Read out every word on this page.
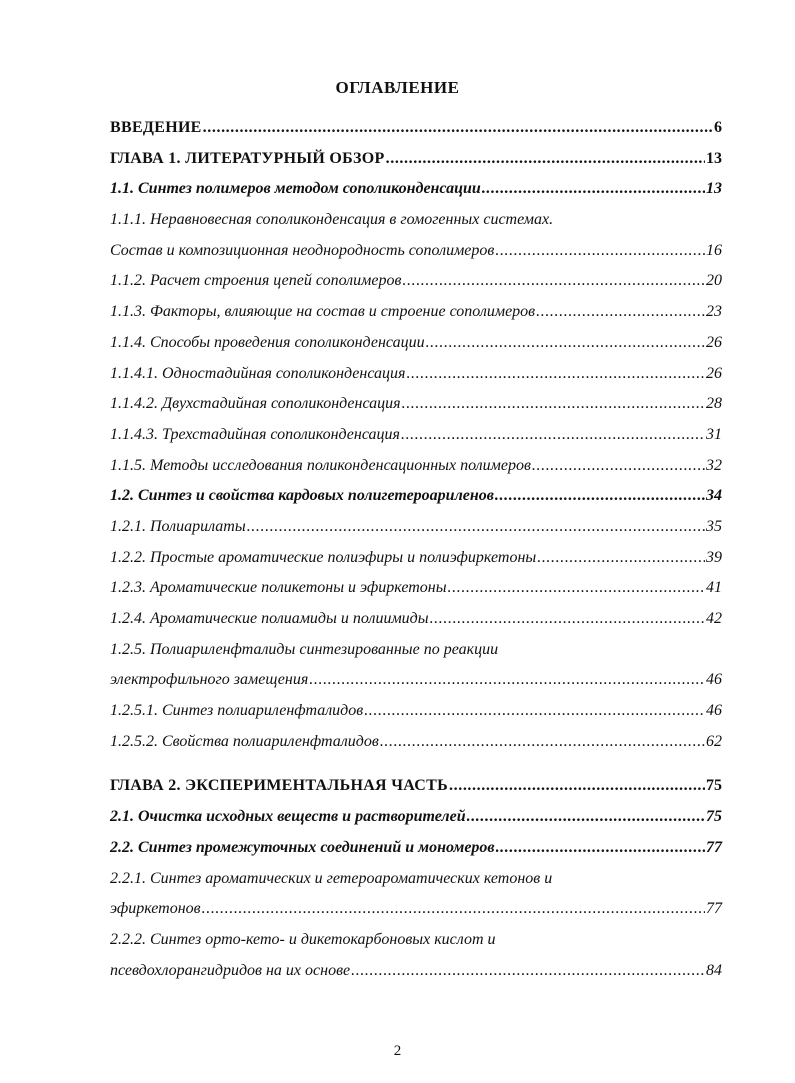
ОГЛАВЛЕНИЕ
ВВЕДЕНИЕ .....	6
ГЛАВА 1. ЛИТЕРАТУРНЫЙ ОБЗОР .....	13
1.1. Синтез полимеров методом сополиконденсации .....	13
1.1.1. Неравновесная сополиконденсация в гомогенных системах.
Состав и композиционная неоднородность сополимеров .....	16
1.1.2. Расчет строения цепей сополимеров .....	20
1.1.3. Факторы, влияющие на состав и строение сополимеров .....	23
1.1.4. Способы проведения сополиконденсации .....	26
1.1.4.1. Одностадийная сополиконденсация .....	26
1.1.4.2. Двухстадийная сополиконденсация .....	28
1.1.4.3. Трехстадийная сополиконденсация .....	31
1.1.5. Методы исследования поликонденсационных полимеров .....	32
1.2. Синтез и свойства кардовых полигетероариленов .....	34
1.2.1. Полиарилаты .....	35
1.2.2. Простые ароматические полиэфиры и полиэфиркетоны .....	39
1.2.3. Ароматические поликетоны и эфиркетоны .....	41
1.2.4. Ароматические полиамиды и полиимиды .....	42
1.2.5. Полиариленфталиды синтезированные по реакции
электрофильного замещения .....	46
1.2.5.1. Синтез полиариленфталидов .....	46
1.2.5.2. Свойства полиариленфталидов .....	62
ГЛАВА 2. ЭКСПЕРИМЕНТАЛЬНАЯ ЧАСТЬ .....	75
2.1. Очистка исходных веществ и растворителей .....	75
2.2. Синтез промежуточных соединений и мономеров .....	77
2.2.1. Синтез ароматических и гетероароматических кетонов и
эфиркетонов .....	77
2.2.2. Синтез орто-кето- и дикетокарбоновых кислот и
псевдохлорангидридов на их основе .....	84
2
